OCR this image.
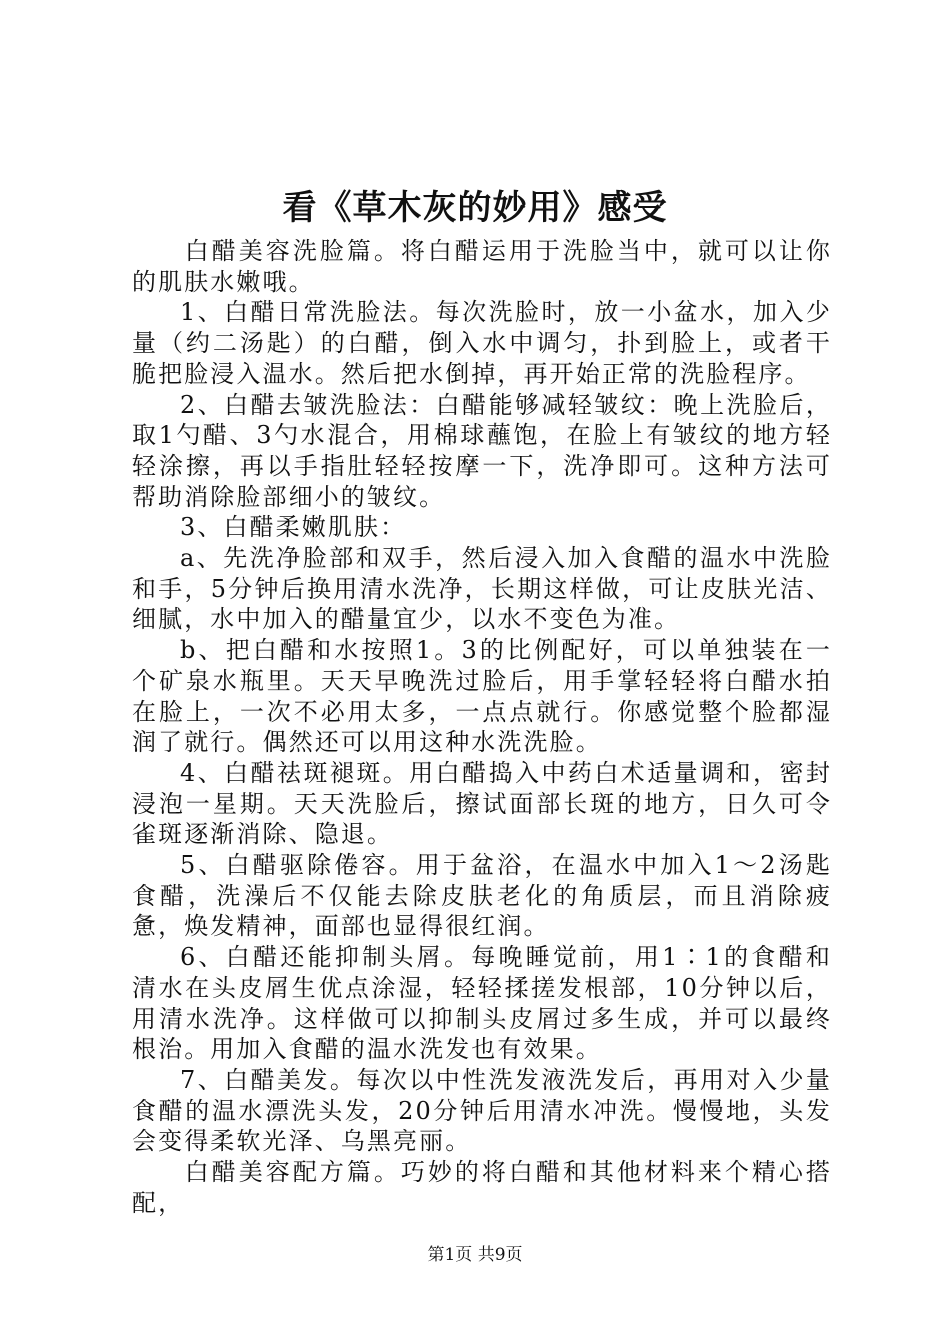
看《草木灰的妙用》感受

白醋美容洗脸篇。将白醋运用于洗脸当中，就可以让你的肌肤水嫩哦。

1、白醋日常洗脸法。每次洗脸时，放一小盆水，加入少量（约二汤匙）的白醋，倒入水中调匀，扑到脸上，或者干脆把脸浸入温水。然后把水倒掉，再开始正常的洗脸程序。

2、白醋去皱洗脸法：白醋能够减轻皱纹：晚上洗脸后，取1勺醋、3勺水混合，用棉球蘸饱，在脸上有皱纹的地方轻轻涂擦，再以手指肚轻轻按摩一下，洗净即可。这种方法可帮助消除脸部细小的皱纹。

3、白醋柔嫩肌肤：

a、先洗净脸部和双手，然后浸入加入食醋的温水中洗脸和手，5分钟后换用清水洗净，长期这样做，可让皮肤光洁、细腻，水中加入的醋量宜少，以水不变色为准。

b、把白醋和水按照1。3的比例配好，可以单独装在一个矿泉水瓶里。天天早晚洗过脸后，用手掌轻轻将白醋水拍在脸上，一次不必用太多，一点点就行。你感觉整个脸都湿润了就行。偶然还可以用这种水洗洗脸。

4、白醋祛斑褪斑。用白醋捣入中药白术适量调和，密封浸泡一星期。天天洗脸后，擦试面部长斑的地方，日久可令雀斑逐渐消除、隐退。

5、白醋驱除倦容。用于盆浴，在温水中加入1～2汤匙食醋，洗澡后不仅能去除皮肤老化的角质层，而且消除疲惫，焕发精神，面部也显得很红润。

6、白醋还能抑制头屑。每晚睡觉前，用1∶1的食醋和清水在头皮屑生优点涂湿，轻轻揉搓发根部，10分钟以后，用清水洗净。这样做可以抑制头皮屑过多生成，并可以最终根治。用加入食醋的温水洗发也有效果。

7、白醋美发。每次以中性洗发液洗发后，再用对入少量食醋的温水漂洗头发，20分钟后用清水冲洗。慢慢地，头发会变得柔软光泽、乌黑亮丽。

白醋美容配方篇。巧妙的将白醋和其他材料来个精心搭配，

第1页 共9页
